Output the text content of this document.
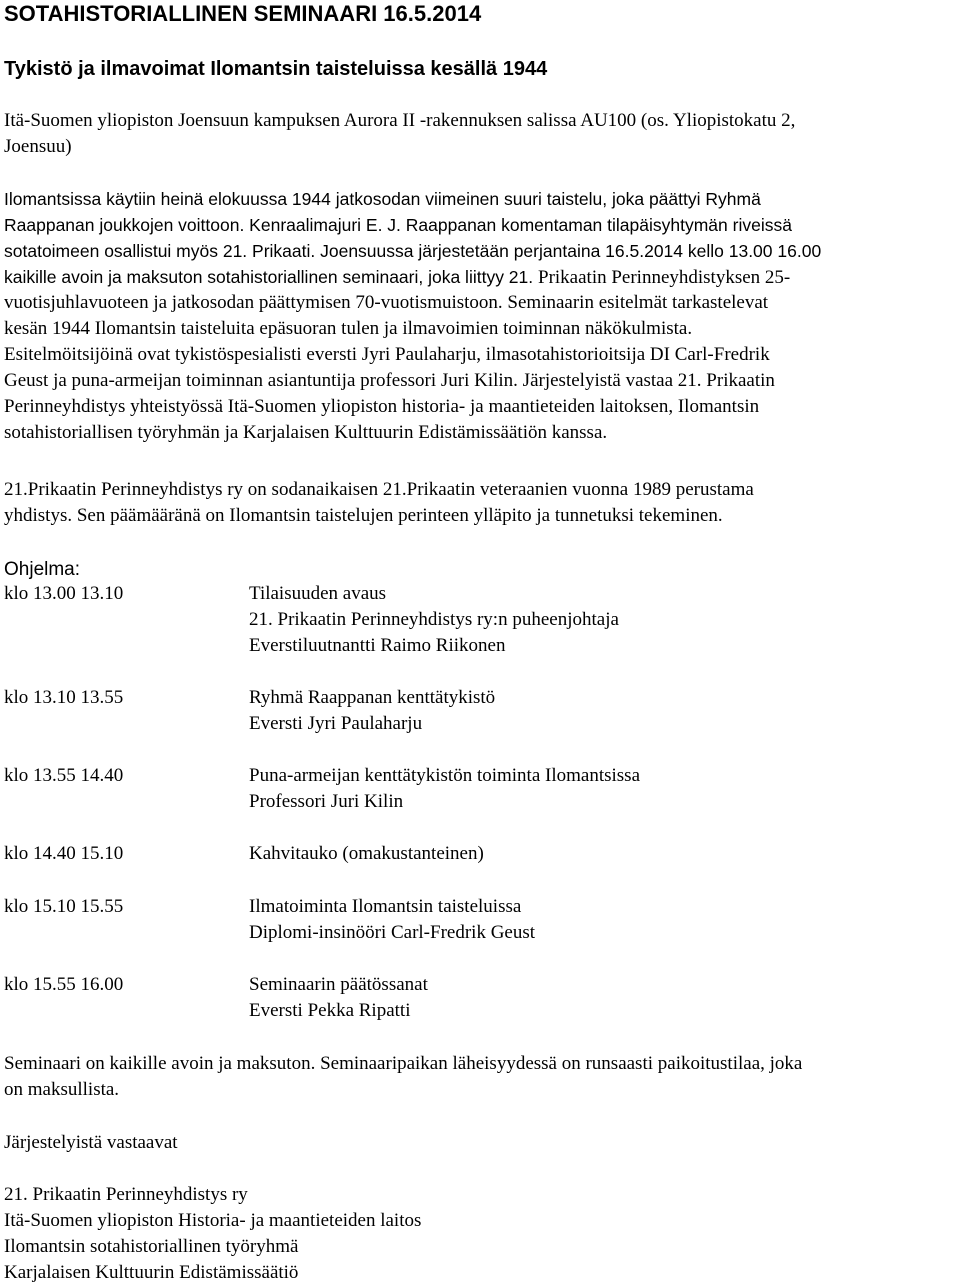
SOTAHISTORIALLINEN SEMINAARI 16.5.2014
Tykistö ja ilmavoimat Ilomantsin taisteluissa kesällä 1944
Itä-Suomen yliopiston Joensuun kampuksen Aurora II -rakennuksen salissa AU100 (os. Yliopistokatu 2,
Joensuu)
Ilomantsissa käytiin heinä elokuussa 1944 jatkosodan viimeinen suuri taistelu, joka päättyi Ryhmä
Raappanan joukkojen voittoon. Kenraalimajuri E. J. Raappanan komentaman tilapäisyhtymän riveissä
sotatoimeen osallistui myös 21. Prikaati. Joensuussa järjestetään perjantaina 16.5.2014 kello 13.00 16.00
kaikille avoin ja maksuton sotahistoriallinen seminaari, joka liittyy 21. Prikaatin Perinneyhdistyksen 25-
vuotisjuhlavuoteen ja jatkosodan päättymisen 70-vuotismuistoon. Seminaarin esitelmät tarkastelevat
kesän 1944 Ilomantsin taisteluita epäsuoran tulen ja ilmavoimien toiminnan näkökulmista.
Esitelmöitsijöinä ovat tykistöspesialisti eversti Jyri Paulaharju, ilmasotahistorioitsija DI Carl-Fredrik
Geust ja puna-armeijan toiminnan asiantuntija professori Juri Kilin. Järjestelyistä vastaa 21. Prikaatin
Perinneyhdistys yhteistyössä Itä-Suomen yliopiston historia- ja maantieteiden laitoksen, Ilomantsin
sotahistoriallisen työryhmän ja Karjalaisen Kulttuurin Edistämissäätiön kanssa.
21.Prikaatin Perinneyhdistys ry on sodanaikaisen 21.Prikaatin veteraanien vuonna 1989 perustama
yhdistys. Sen päämääränä on Ilomantsin taistelujen perinteen ylläpito ja tunnetuksi tekeminen.
Ohjelma:
klo 13.00 13.10	Tilaisuuden avaus
21. Prikaatin Perinneyhdistys ry:n puheenjohtaja
Everstiluutnantti Raimo Riikonen
klo 13.10 13.55	Ryhmä Raappanan kenttätykistö
Eversti Jyri Paulaharju
klo 13.55 14.40	Puna-armeijan kenttätykistön toiminta Ilomantsissa
Professori Juri Kilin
klo 14.40 15.10	Kahvitauko (omakustanteinen)
klo 15.10 15.55	Ilmatoiminta Ilomantsin taisteluissa
Diplomi-insinööri Carl-Fredrik Geust
klo 15.55 16.00	Seminaarin päätössanat
Eversti Pekka Ripatti
Seminaari on kaikille avoin ja maksuton. Seminaaripaikan läheisyydessä on runsaasti paikoitustilaa, joka
on maksullista.
Järjestelyistä vastaavat
21. Prikaatin Perinneyhdistys ry
Itä-Suomen yliopiston Historia- ja maantieteiden laitos
Ilomantsin sotahistoriallinen työryhmä
Karjalaisen Kulttuurin Edistämissäätiö
